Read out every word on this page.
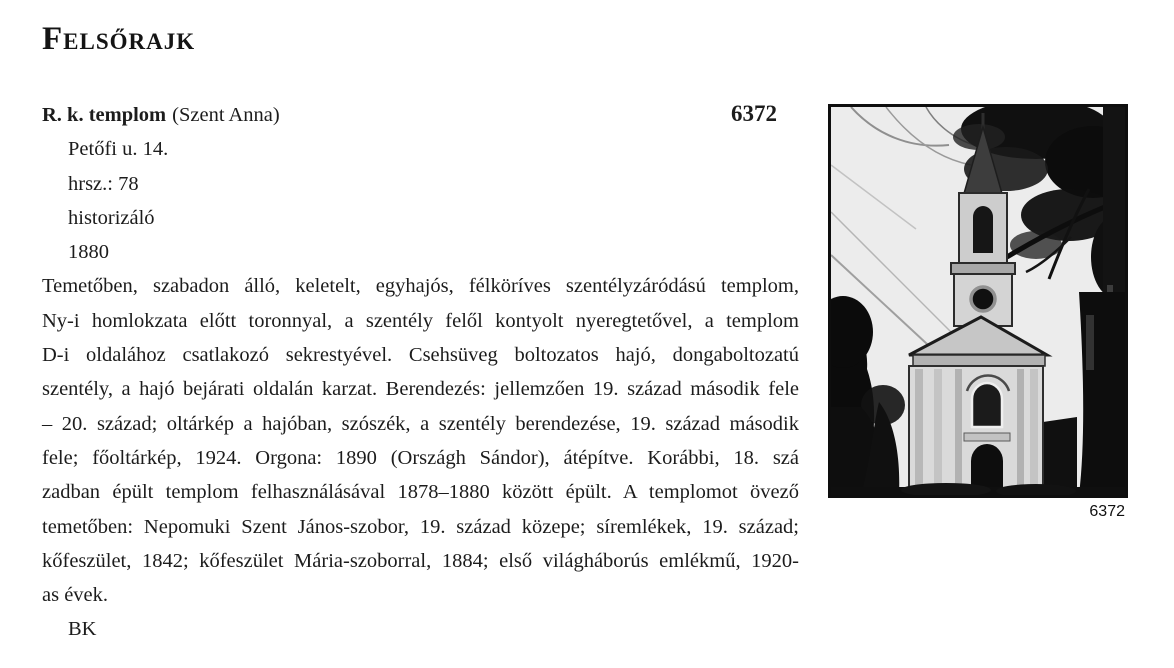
Felsőrajk
R. k. templom (Szent Anna)	6372
Petőfi u. 14.
hrsz.: 78
historizáló
1880
Temetőben, szabadon álló, keletelt, egyhajós, félköríves szentélyzáródású templom,
Ny-i homlokzata előtt toronnyal, a szentély felől kontyolt nyeregtetővel, a templom
D-i oldalához csatlakozó sekrestyével. Csehsüveg boltozatos hajó, dongaboltozatú
szentély, a hajó bejárati oldalán karzat. Berendezés: jellemzően 19. század második fele
– 20. század; oltárkép a hajóban, szószék, a szentély berendezése, 19. század második
fele; főoltárkép, 1924. Orgona: 1890 (Országh Sándor), átépítve. Korábbi, 18. szá
zadban épült templom felhasználásával 1878–1880 között épült. A templomot övező
temetőben: Nepomuki Szent János-szobor, 19. század közepe; síremlékek, 19. század;
kőfeszület, 1842; kőfeszület Mária-szoborral, 1884; első világháborús emlékmű, 1920-
as évek.
BK
6372
